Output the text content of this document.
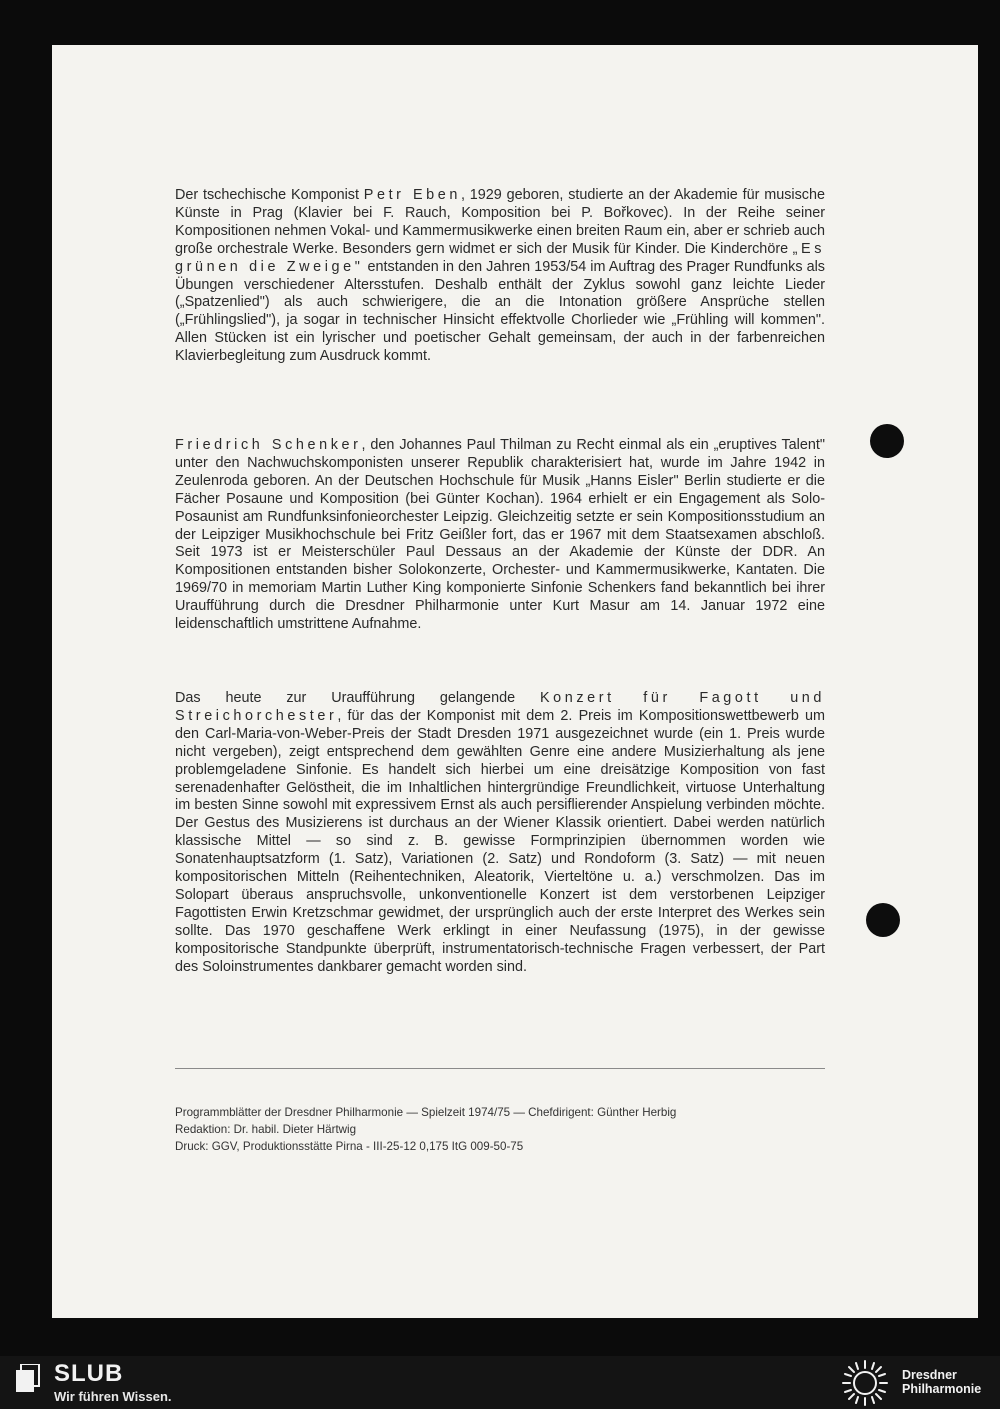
Der tschechische Komponist Petr Eben, 1929 geboren, studierte an der Akademie für musische Künste in Prag (Klavier bei F. Rauch, Komposition bei P. Bořkovec). In der Reihe seiner Kompositionen nehmen Vokal- und Kammermusikwerke einen breiten Raum ein, aber er schrieb auch große orchestrale Werke. Besonders gern widmet er sich der Musik für Kinder. Die Kinderchöre „Es grünen die Zweige" entstanden in den Jahren 1953/54 im Auftrag des Prager Rundfunks als Übungen verschiedener Altersstufen. Deshalb enthält der Zyklus sowohl ganz leichte Lieder („Spatzenlied") als auch schwierigere, die an die Intonation größere Ansprüche stellen („Frühlingslied"), ja sogar in technischer Hinsicht effektvolle Chorlieder wie „Frühling will kommen". Allen Stücken ist ein lyrischer und poetischer Gehalt gemeinsam, der auch in der farbenreichen Klavierbegleitung zum Ausdruck kommt.

Friedrich Schenker, den Johannes Paul Thilman zu Recht einmal als ein „eruptives Talent" unter den Nachwuchskomponisten unserer Republik charakterisiert hat, wurde im Jahre 1942 in Zeulenroda geboren. An der Deutschen Hochschule für Musik „Hanns Eisler" Berlin studierte er die Fächer Posaune und Komposition (bei Günter Kochan). 1964 erhielt er ein Engagement als Solo-Posaunist am Rundfunksinfonieorchester Leipzig. Gleichzeitig setzte er sein Kompositionsstudium an der Leipziger Musikhochschule bei Fritz Geißler fort, das er 1967 mit dem Staatsexamen abschloß. Seit 1973 ist er Meisterschüler Paul Dessaus an der Akademie der Künste der DDR. An Kompositionen entstanden bisher Solokonzerte, Orchester- und Kammermusikwerke, Kantaten. Die 1969/70 in memoriam Martin Luther King komponierte Sinfonie Schenkers fand bekanntlich bei ihrer Uraufführung durch die Dresdner Philharmonie unter Kurt Masur am 14. Januar 1972 eine leidenschaftlich umstrittene Aufnahme.

Das heute zur Uraufführung gelangende Konzert für Fagott und Streichorchester, für das der Komponist mit dem 2. Preis im Kompositionswettbewerb um den Carl-Maria-von-Weber-Preis der Stadt Dresden 1971 ausgezeichnet wurde (ein 1. Preis wurde nicht vergeben), zeigt entsprechend dem gewählten Genre eine andere Musizierhaltung als jene problemgeladene Sinfonie. Es handelt sich hierbei um eine dreisätzige Komposition von fast serenadenhafter Gelöstheit, die im Inhaltlichen hintergründige Freundlichkeit, virtuose Unterhaltung im besten Sinne sowohl mit expressivem Ernst als auch persiflierender Anspielung verbinden möchte. Der Gestus des Musizierens ist durchaus an der Wiener Klassik orientiert. Dabei werden natürlich klassische Mittel — so sind z. B. gewisse Formprinzipien übernommen worden wie Sonatenhauptsatzform (1. Satz), Variationen (2. Satz) und Rondoform (3. Satz) — mit neuen kompositorischen Mitteln (Reihentechniken, Aleatorik, Vierteltöne u. a.) verschmolzen. Das im Solopart überaus anspruchsvolle, unkonventionelle Konzert ist dem verstorbenen Leipziger Fagottisten Erwin Kretzschmar gewidmet, der ursprünglich auch der erste Interpret des Werkes sein sollte. Das 1970 geschaffene Werk erklingt in einer Neufassung (1975), in der gewisse kompositorische Standpunkte überprüft, instrumentatorisch-technische Fragen verbessert, der Part des Soloinstrumentes dankbarer gemacht worden sind.

Programmblätter der Dresdner Philharmonie — Spielzeit 1974/75 — Chefdirigent: Günther Herbig
Redaktion: Dr. habil. Dieter Härtwig
Druck: GGV, Produktionsstätte Pirna - III-25-12 0,175 ItG 009-50-75
SLUB
Wir führen Wissen.
Dresdner
Philharmonie
